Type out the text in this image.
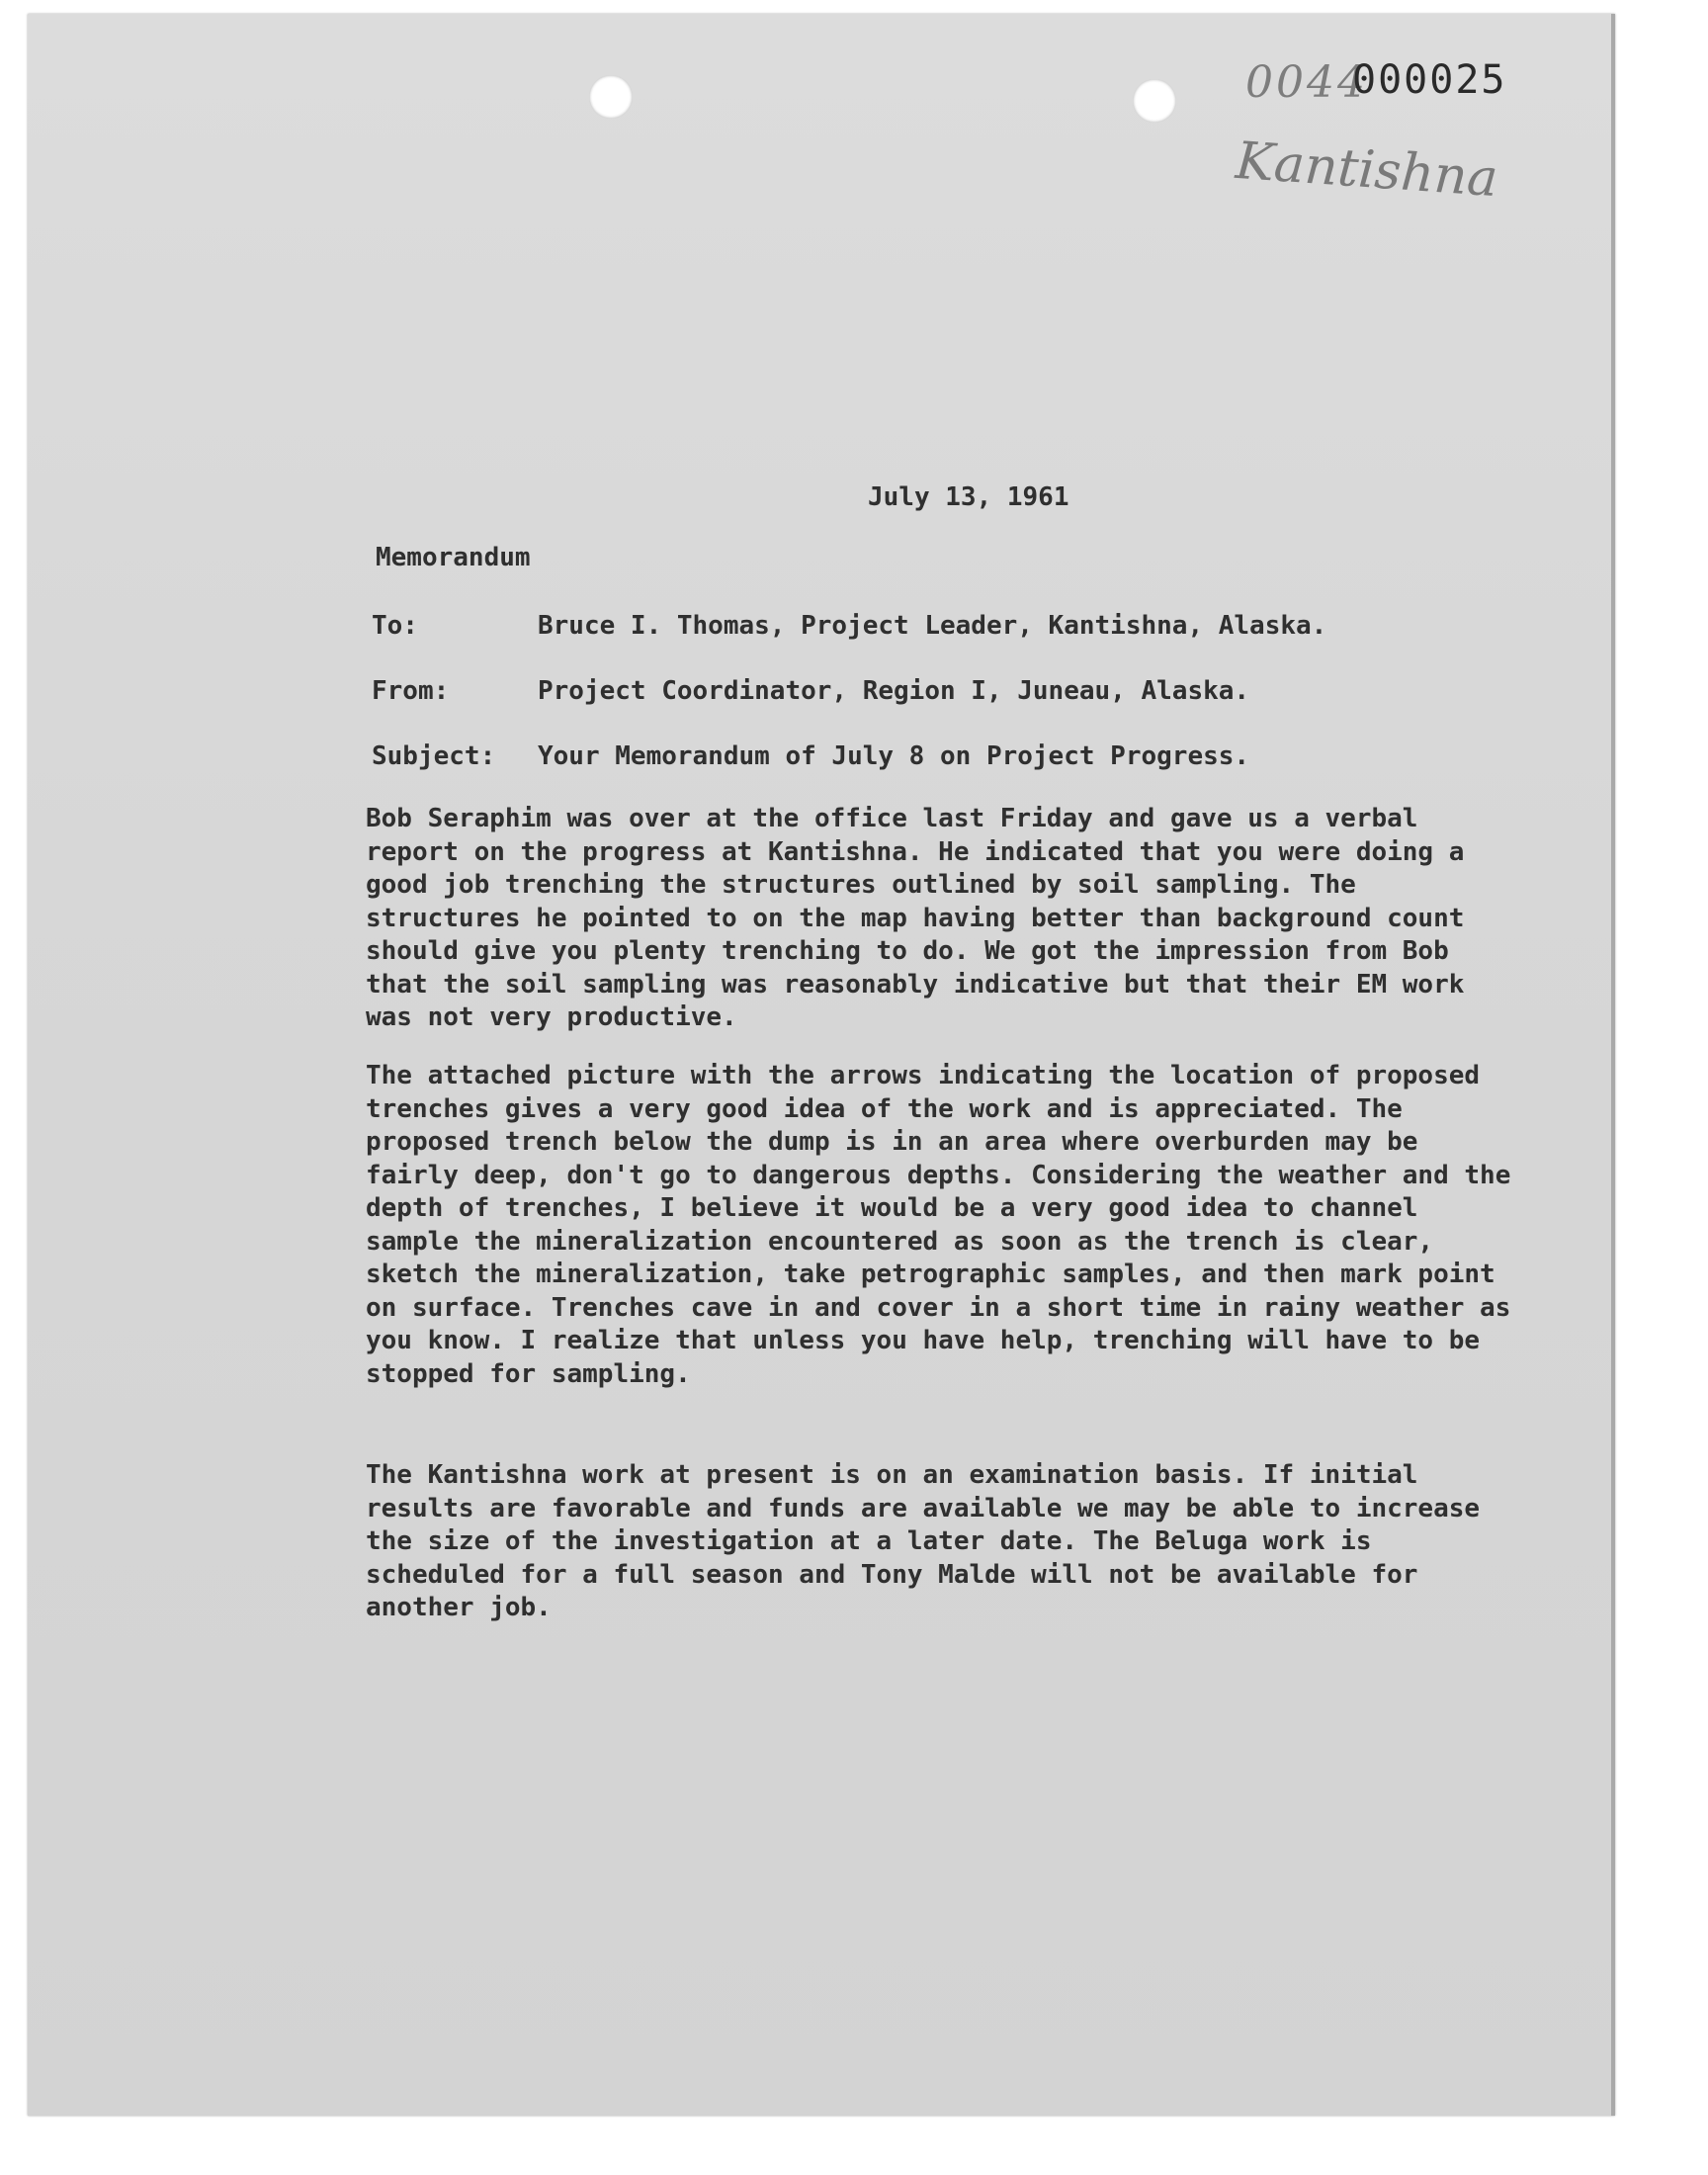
0044
000025
Kantishna
July 13, 1961
Memorandum
To:	Bruce I. Thomas, Project Leader, Kantishna, Alaska.
From:	Project Coordinator, Region I, Juneau, Alaska.
Subject:	Your Memorandum of July 8 on Project Progress.

Bob Seraphim was over at the office last Friday and gave us a verbal report on the progress at Kantishna. He indicated that you were doing a good job trenching the structures outlined by soil sampling. The structures he pointed to on the map having better than background count should give you plenty trenching to do. We got the impression from Bob that the soil sampling was reasonably indicative but that their EM work was not very productive.

The attached picture with the arrows indicating the location of proposed trenches gives a very good idea of the work and is appreciated. The proposed trench below the dump is in an area where overburden may be fairly deep, don't go to dangerous depths. Considering the weather and the depth of trenches, I believe it would be a very good idea to channel sample the mineralization encountered as soon as the trench is clear, sketch the mineralization, take petrographic samples, and then mark point on surface. Trenches cave in and cover in a short time in rainy weather as you know. I realize that unless you have help, trenching will have to be stopped for sampling.

The Kantishna work at present is on an examination basis. If initial results are favorable and funds are available we may be able to increase the size of the investigation at a later date. The Beluga work is scheduled for a full season and Tony Malde will not be available for another job.
